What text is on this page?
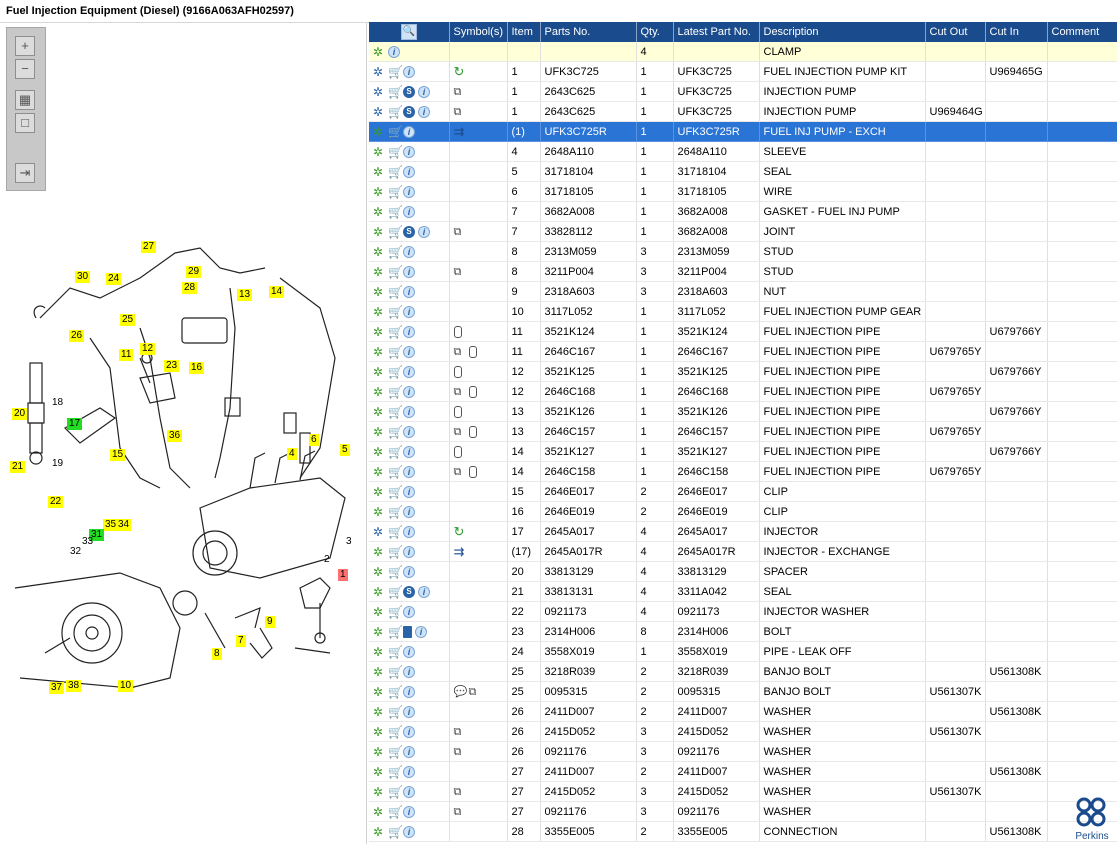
Fuel Injection Equipment (Diesel) (9166A063AFH02597)
+
−
▦
□
⇥
27
30 24
29
28
13 14
25
26
11
12
23 16
18
20
17
36
15
19
21
22
6
4	5
35 34
31
33
32
1
2
3
10
37 38
8
7
9
🔍	Symbol(s)	Item	Parts No.	Qty.	Latest Part No.	Description	Cut Out	Cut In	Comment
✲ i				4		CLAMP			
✲ 🛒 i	↻	1	UFK3C725	1	UFK3C725	FUEL INJECTION PUMP KIT		U969465G	
✲ 🛒 S i	⧉	1	2643C625	1	UFK3C725	INJECTION PUMP			
✲ 🛒 S i	⧉	1	2643C625	1	UFK3C725	INJECTION PUMP	U969464G		
✲ 🛒 i	⇉	(1)	UFK3C725R	1	UFK3C725R	FUEL INJ PUMP - EXCH			
✲ 🛒 i		4	2648A110	1	2648A110	SLEEVE			
✲ 🛒 i		5	31718104	1	31718104	SEAL			
✲ 🛒 i		6	31718105	1	31718105	WIRE			
✲ 🛒 i		7	3682A008	1	3682A008	GASKET - FUEL INJ PUMP			
✲ 🛒 S i	⧉	7	33828112	1	3682A008	JOINT			
✲ 🛒 i		8	2313M059	3	2313M059	STUD			
✲ 🛒 i	⧉	8	3211P004	3	3211P004	STUD			
✲ 🛒 i		9	2318A603	3	2318A603	NUT			
✲ 🛒 i		10	3117L052	1	3117L052	FUEL INJECTION PUMP GEAR			
✲ 🛒 i		11	3521K124	1	3521K124	FUEL INJECTION PIPE		U679766Y	
✲ 🛒 i	⧉	11	2646C167	1	2646C167	FUEL INJECTION PIPE	U679765Y		
✲ 🛒 i		12	3521K125	1	3521K125	FUEL INJECTION PIPE		U679766Y	
✲ 🛒 i	⧉	12	2646C168	1	2646C168	FUEL INJECTION PIPE	U679765Y		
✲ 🛒 i		13	3521K126	1	3521K126	FUEL INJECTION PIPE		U679766Y	
✲ 🛒 i	⧉	13	2646C157	1	2646C157	FUEL INJECTION PIPE	U679765Y		
✲ 🛒 i		14	3521K127	1	3521K127	FUEL INJECTION PIPE		U679766Y	
✲ 🛒 i	⧉	14	2646C158	1	2646C158	FUEL INJECTION PIPE	U679765Y		
✲ 🛒 i		15	2646E017	2	2646E017	CLIP			
✲ 🛒 i		16	2646E019	2	2646E019	CLIP			
✲ 🛒 i	↻	17	2645A017	4	2645A017	INJECTOR			
✲ 🛒 i	⇉	(17)	2645A017R	4	2645A017R	INJECTOR - EXCHANGE			
✲ 🛒 i		20	33813129	4	33813129	SPACER			
✲ 🛒 S i		21	33813131	4	3311A042	SEAL			
✲ 🛒 i		22	0921173	4	0921173	INJECTOR WASHER			
✲ 🛒 i		23	2314H006	8	2314H006	BOLT			
✲ 🛒 i		24	3558X019	1	3558X019	PIPE - LEAK OFF			
✲ 🛒 i		25	3218R039	2	3218R039	BANJO BOLT		U561308K	
✲ 🛒 i	💬⧉	25	0095315	2	0095315	BANJO BOLT	U561307K		
✲ 🛒 i		26	2411D007	2	2411D007	WASHER		U561308K	
✲ 🛒 i	⧉	26	2415D052	3	2415D052	WASHER	U561307K		
✲ 🛒 i	⧉	26	0921176	3	0921176	WASHER			
✲ 🛒 i		27	2411D007	2	2411D007	WASHER		U561308K	
✲ 🛒 i	⧉	27	2415D052	3	2415D052	WASHER	U561307K		
✲ 🛒 i	⧉	27	0921176	3	0921176	WASHER			
✲ 🛒 i		28	3355E005	2	3355E005	CONNECTION		U561308K		Perkins
